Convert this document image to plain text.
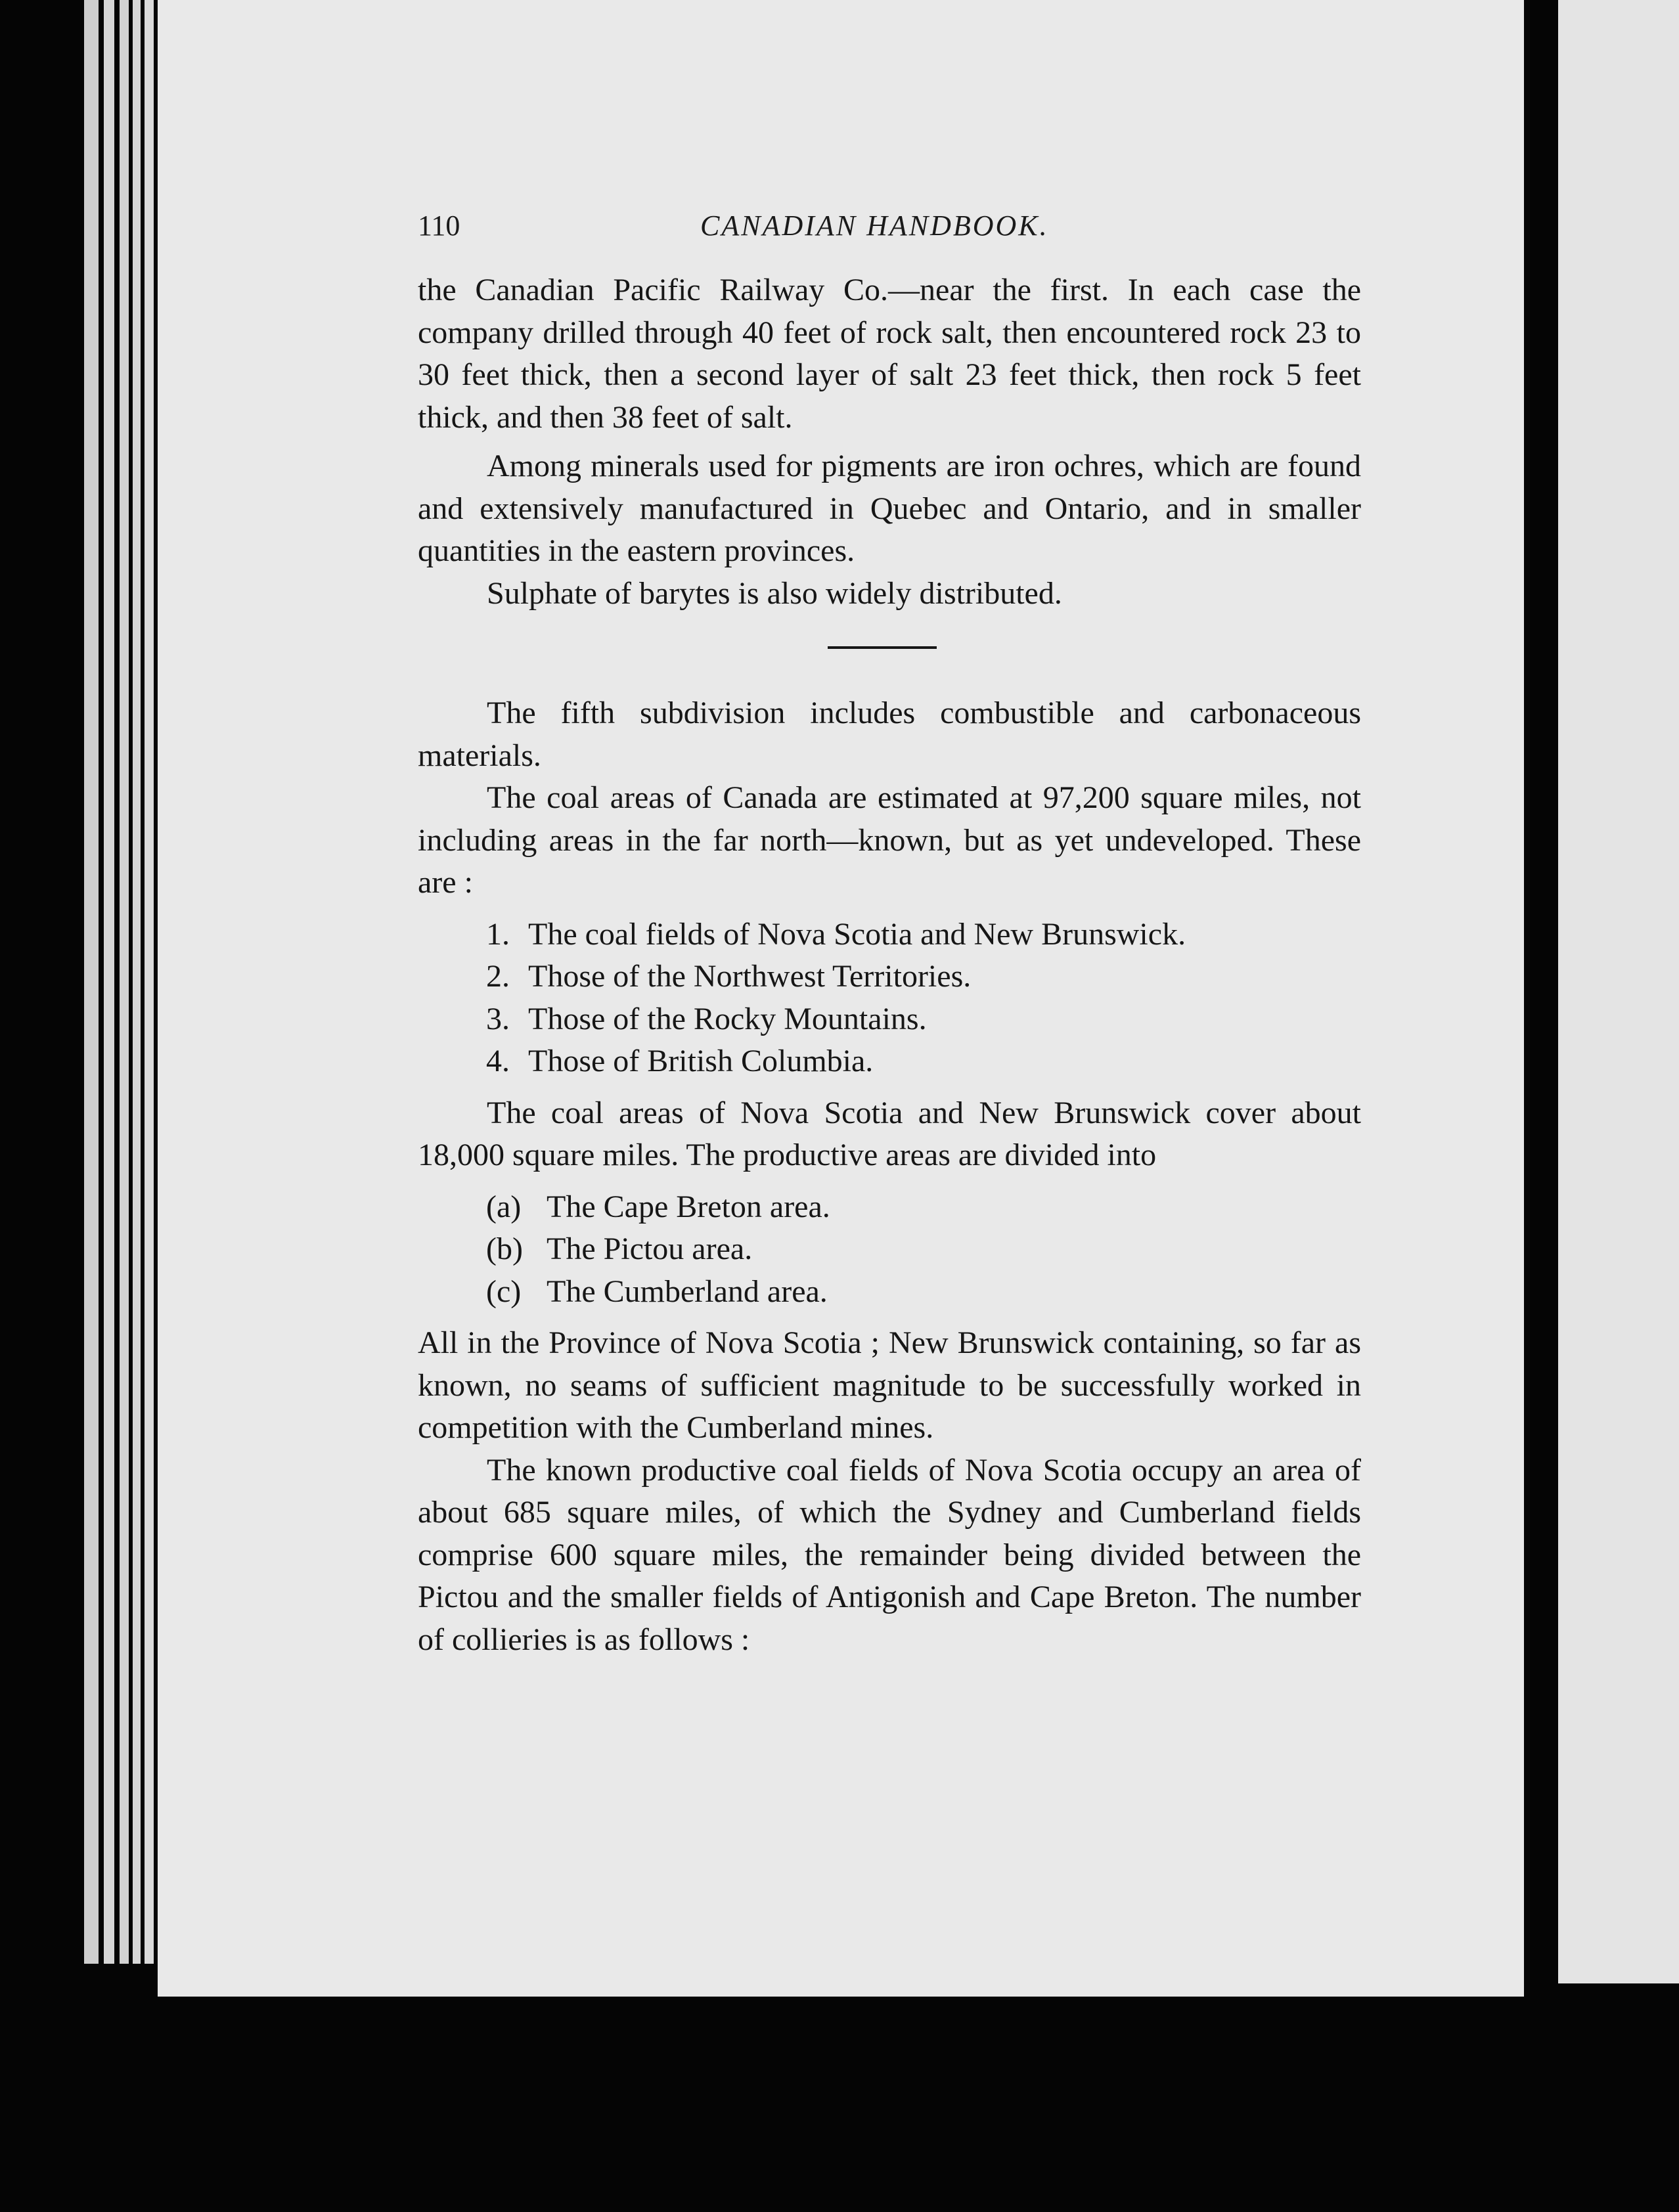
110	CANADIAN HANDBOOK.

the Canadian Pacific Railway Co.—near the first. In each case the company drilled through 40 feet of rock salt, then encountered rock 23 to 30 feet thick, then a second layer of salt 23 feet thick, then rock 5 feet thick, and then 38 feet of salt.

Among minerals used for pigments are iron ochres, which are found and extensively manufactured in Quebec and Ontario, and in smaller quantities in the eastern provinces.

Sulphate of barytes is also widely distributed.

The fifth subdivision includes combustible and carbonaceous materials.

The coal areas of Canada are estimated at 97,200 square miles, not including areas in the far north—known, but as yet undeveloped. These are :

1. The coal fields of Nova Scotia and New Brunswick.
2. Those of the Northwest Territories.
3. Those of the Rocky Mountains.
4. Those of British Columbia.

The coal areas of Nova Scotia and New Brunswick cover about 18,000 square miles. The productive areas are divided into

(a) The Cape Breton area.
(b) The Pictou area.
(c) The Cumberland area.

All in the Province of Nova Scotia ; New Brunswick containing, so far as known, no seams of sufficient magnitude to be successfully worked in competition with the Cumberland mines.

The known productive coal fields of Nova Scotia occupy an area of about 685 square miles, of which the Sydney and Cumberland fields comprise 600 square miles, the remainder being divided between the Pictou and the smaller fields of Antigonish and Cape Breton. The number of collieries is as follows :
